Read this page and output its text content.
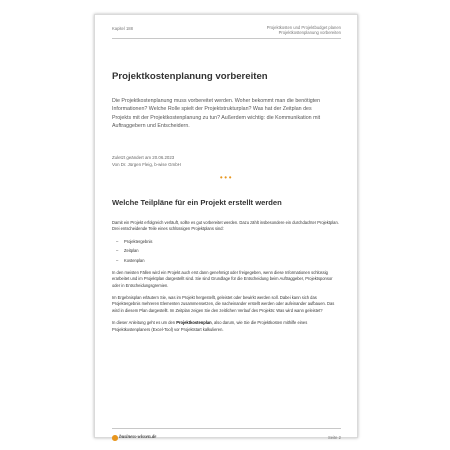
Kapitel 188	Projektkosten und Projektbudget planen
Projektkostenplanung vorbereiten
Projektkostenplanung vorbereiten
Die Projektkostenplanung muss vorbereitet werden. Woher bekommt man die benötigten Informationen? Welche Rolle spielt der Projektstrukturplan? Was hat der Zeitplan des Projekts mit der Projektkostenplanung zu tun? Außerdem wichtig: die Kommunikation mit Auftraggebern und Entscheidern.
Zuletzt geändert am 20.06.2023
Von Dr. Jürgen Fleig, b-wise GmbH
•••
Welche Teilpläne für ein Projekt erstellt werden

Damit ein Projekt erfolgreich verläuft, sollte es gut vorbereitet werden. Dazu zählt insbesondere ein durchdachter Projektplan. Drei entscheidende Teile eines schlüssigen Projektplans sind:

– Projektergebnis
– Zeitplan
– Kostenplan

In den meisten Fällen wird ein Projekt auch erst dann genehmigt oder freigegeben, wenn diese Informationen schlüssig erarbeitet und im Projektplan dargestellt sind. Sie sind Grundlage für die Entscheidung beim Auftraggeber, Projektsponsor oder in Entscheidungsgremien.

Im Ergebnisplan erläutern Sie, was im Projekt hergestellt, geleistet oder bewirkt werden soll. Dabei kann sich das Projektergebnis mehreren Elementen zusammensetzen, die nacheinander erstellt werden oder aufeinander aufbauen. Das wird in diesem Plan dargestellt. Im Zeitplan zeigen Sie den zeitlichen Verlauf des Projekts: Was wird wann geleistet?

In dieser Anleitung geht es um den Projektkostenplan, also darum, wie Sie die Projektkosten mithilfe eines Projektkostenplaners (Excel-Tool) vor Projektstart kalkulieren.

business-wissen.de	Seite 2
